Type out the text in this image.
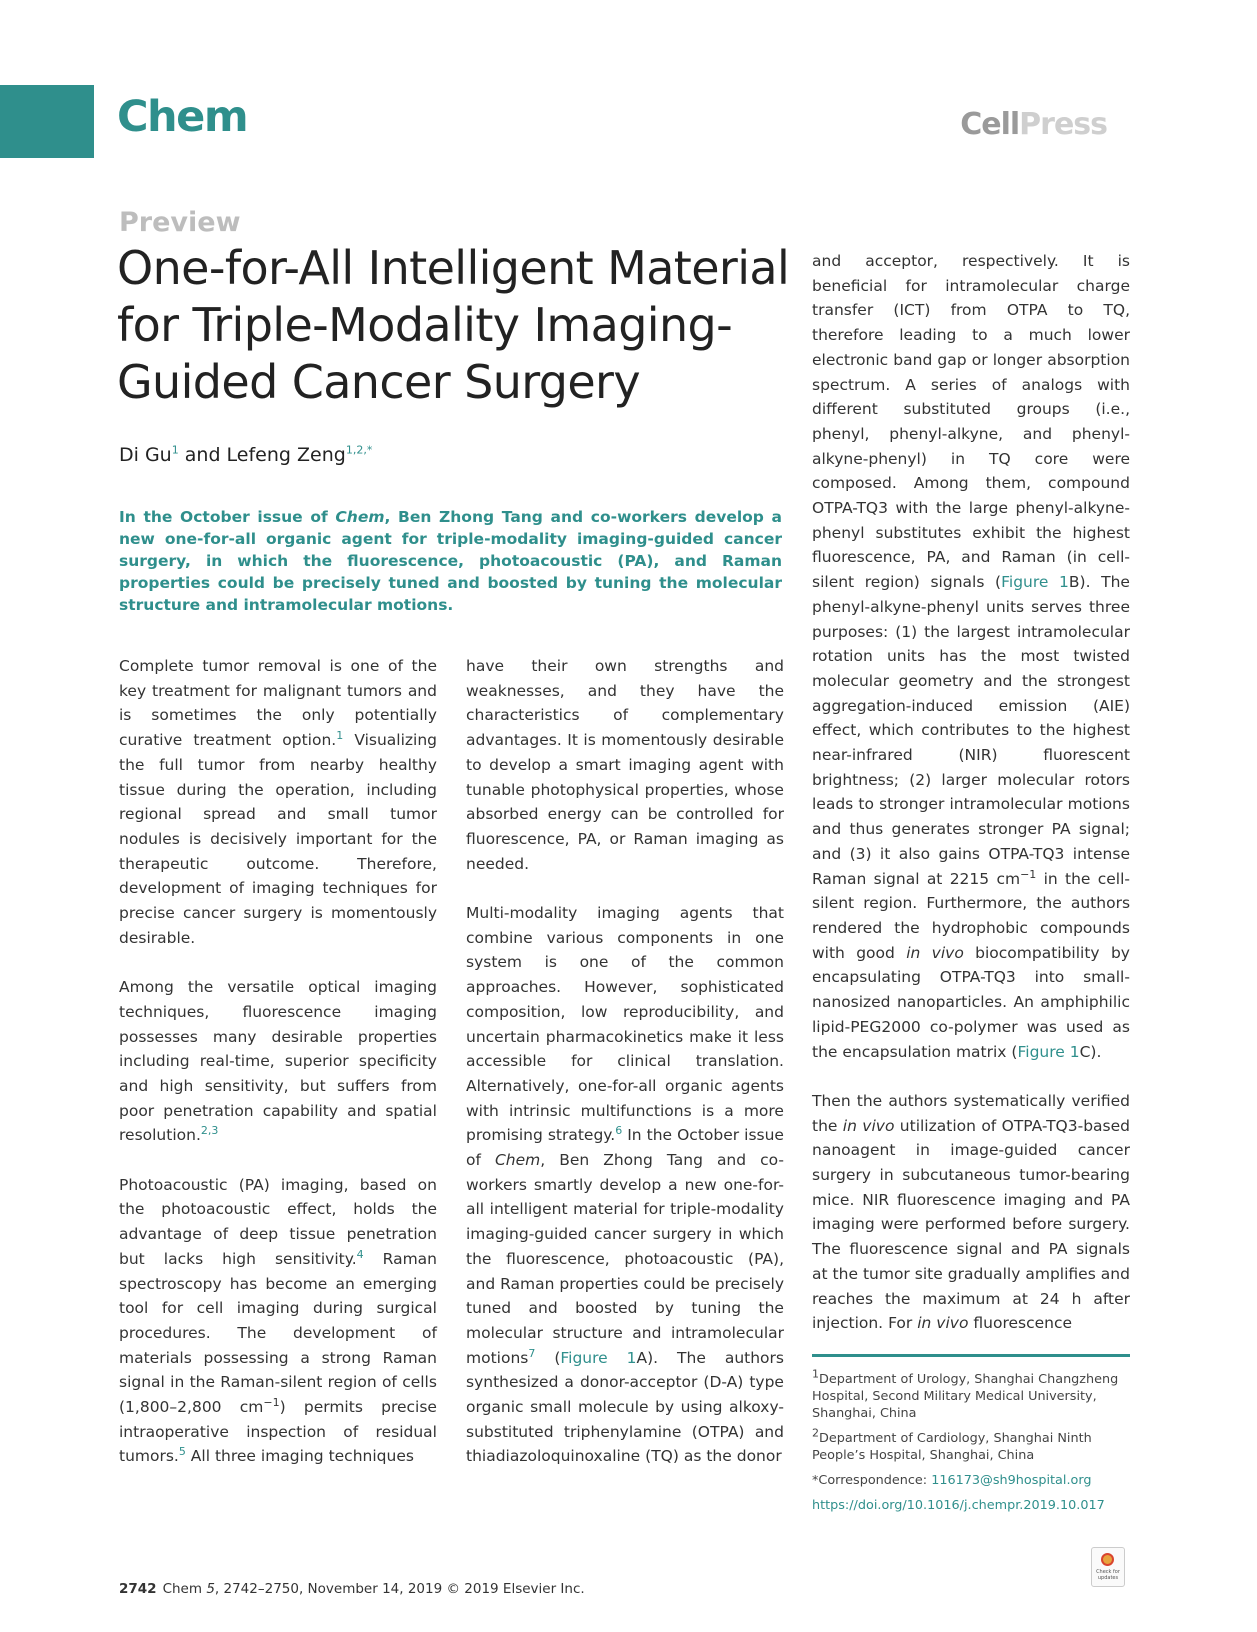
Chem	CellPress
Preview
One-for-All Intelligent Material for Triple-Modality Imaging-Guided Cancer Surgery
Di Gu$^1$ and Lefeng Zeng$^{1,2,*}$
In the October issue of Chem, Ben Zhong Tang and co-workers develop a new one-for-all organic agent for triple-modality imaging-guided cancer surgery, in which the fluorescence, photoacoustic (PA), and Raman properties could be precisely tuned and boosted by tuning the molecular structure and intramolecular motions.

Complete tumor removal is one of the key treatment for malignant tumors and is sometimes the only potentially curative treatment option.$^1$ Visualizing the full tumor from nearby healthy tissue during the operation, including regional spread and small tumor nodules is decisively important for the therapeutic outcome. Therefore, development of imaging techniques for precise cancer surgery is momentously desirable.

Among the versatile optical imaging techniques, fluorescence imaging possesses many desirable properties including real-time, superior specificity and high sensitivity, but suffers from poor penetration capability and spatial resolution.$^{2,3}$

Photoacoustic (PA) imaging, based on the photoacoustic effect, holds the advantage of deep tissue penetration but lacks high sensitivity.$^4$ Raman spectroscopy has become an emerging tool for cell imaging during surgical procedures. The development of materials possessing a strong Raman signal in the Raman-silent region of cells (1,800–2,800 $cm^{-1}$) permits precise intraoperative inspection of residual tumors.$^5$ All three imaging techniques

$^1$Department of Urology, Shanghai Changzheng Hospital, Second Military Medical University, Shanghai, China
$^2$Department of Cardiology, Shanghai Ninth People’s Hospital, Shanghai, China
*Correspondence: 116173@sh9hospital.org
https://doi.org/10.1016/j.chempr.2019.10.017
2742 Chem 5, 2742–2750, November 14, 2019 © 2019 Elsevier Inc.
Check for updates

have their own strengths and weaknesses, and they have the characteristics of complementary advantages. It is momentously desirable to develop a smart imaging agent with tunable photophysical properties, whose absorbed energy can be controlled for fluorescence, PA, or Raman imaging as needed.

Multi-modality imaging agents that combine various components in one system is one of the common approaches. However, sophisticated composition, low reproducibility, and uncertain pharmacokinetics make it less accessible for clinical translation. Alternatively, one-for-all organic agents with intrinsic multifunctions is a more promising strategy.$^6$ In the October issue of Chem, Ben Zhong Tang and co-workers smartly develop a new one-for-all intelligent material for triple-modality imaging-guided cancer surgery in which the fluorescence, photoacoustic (PA), and Raman properties could be precisely tuned and boosted by tuning the molecular structure and intramolecular motions$^7$ (Figure 1A). The authors synthesized a donor-acceptor (D-A) type organic small molecule by using alkoxy-substituted triphenylamine (OTPA) and thiadiazoloquinoxaline (TQ) as the donor

and acceptor, respectively. It is beneficial for intramolecular charge transfer (ICT) from OTPA to TQ, therefore leading to a much lower electronic band gap or longer absorption spectrum. A series of analogs with different substituted groups (i.e., phenyl, phenyl-alkyne, and phenyl-alkyne-phenyl) in TQ core were composed. Among them, compound OTPA-TQ3 with the large phenyl-alkyne-phenyl substitutes exhibit the highest fluorescence, PA, and Raman (in cell-silent region) signals (Figure 1B). The phenyl-alkyne-phenyl units serves three purposes: (1) the largest intramolecular rotation units has the most twisted molecular geometry and the strongest aggregation-induced emission (AIE) effect, which contributes to the highest near-infrared	(NIR)	fluorescent brightness; (2) larger molecular rotors leads to stronger intramolecular motions and thus generates stronger PA signal; and (3) it also gains OTPA-TQ3 intense Raman signal at 2215 $cm^{-1}$ in the cell-silent region. Furthermore, the authors rendered the hydrophobic compounds with good in vivo biocompatibility by encapsulating OTPA-TQ3 into small-nanosized nanoparticles. An amphiphilic lipid-PEG2000 co-polymer was used as the encapsulation matrix (Figure 1C).

Then the authors systematically verified the in vivo utilization of OTPA-TQ3-based nanoagent in image-guided cancer surgery in subcutaneous tumor-bearing mice. NIR fluorescence imaging and PA imaging were performed before surgery. The fluorescence signal and PA signals at the tumor site gradually amplifies and reaches the maximum at 24 h after injection. For in vivo fluorescence
